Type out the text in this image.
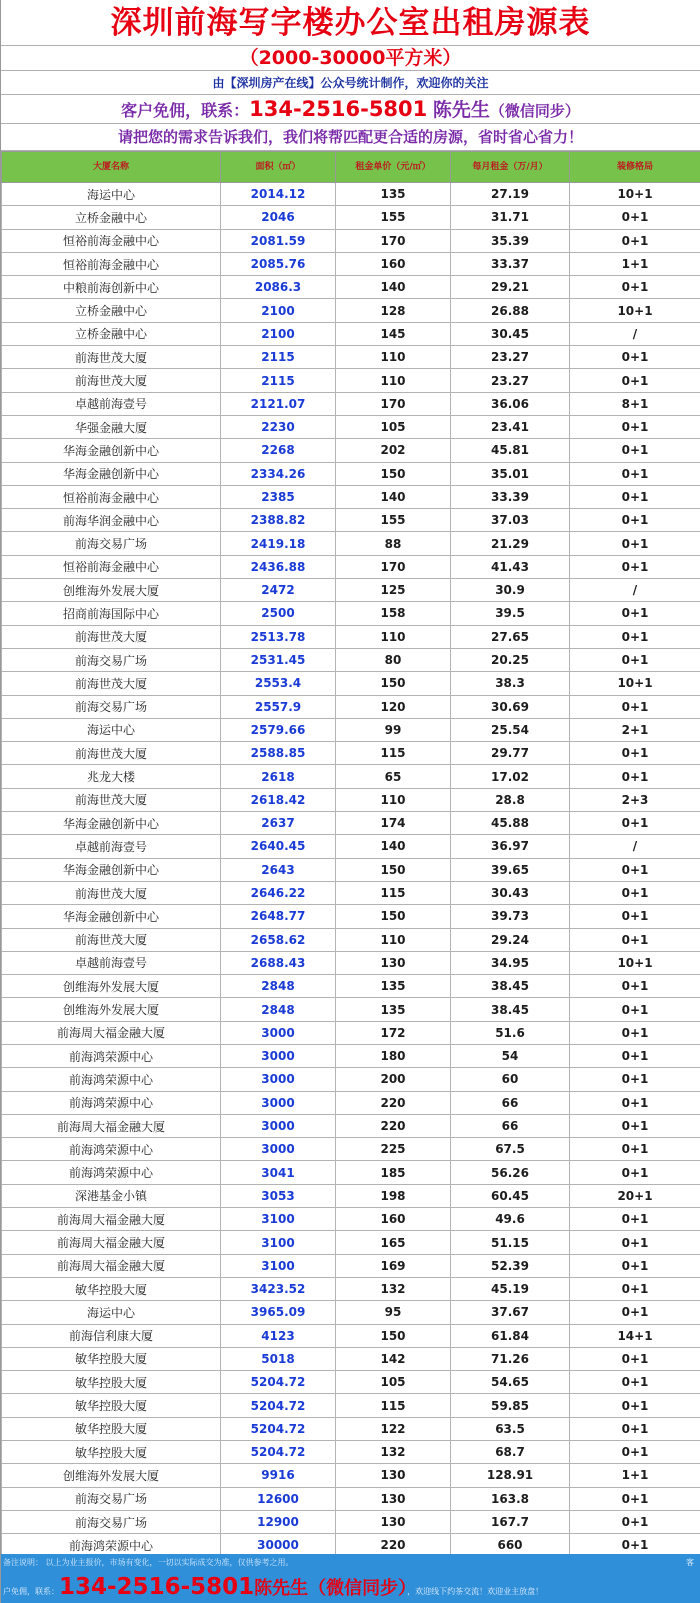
深圳前海写字楼办公室出租房源表
（2000-30000平方米）
由【深圳房产在线】公众号统计制作，欢迎你的关注
客户免佣，联系：134-2516-5801 陈先生（微信同步）
请把您的需求告诉我们，我们将帮匹配更合适的房源，省时省心省力！
大厦名称	面积（㎡）	租金单价（元/㎡）	每月租金（万/月）	装修格局
海运中心	2014.12	135	27.19	10+1
立桥金融中心	2046	155	31.71	0+1
恒裕前海金融中心	2081.59	170	35.39	0+1
恒裕前海金融中心	2085.76	160	33.37	1+1
中粮前海创新中心	2086.3	140	29.21	0+1
立桥金融中心	2100	128	26.88	10+1
立桥金融中心	2100	145	30.45	/
前海世茂大厦	2115	110	23.27	0+1
前海世茂大厦	2115	110	23.27	0+1
卓越前海壹号	2121.07	170	36.06	8+1
华强金融大厦	2230	105	23.41	0+1
华海金融创新中心	2268	202	45.81	0+1
华海金融创新中心	2334.26	150	35.01	0+1
恒裕前海金融中心	2385	140	33.39	0+1
前海华润金融中心	2388.82	155	37.03	0+1
前海交易广场	2419.18	88	21.29	0+1
恒裕前海金融中心	2436.88	170	41.43	0+1
创维海外发展大厦	2472	125	30.9	/
招商前海国际中心	2500	158	39.5	0+1
前海世茂大厦	2513.78	110	27.65	0+1
前海交易广场	2531.45	80	20.25	0+1
前海世茂大厦	2553.4	150	38.3	10+1
前海交易广场	2557.9	120	30.69	0+1
海运中心	2579.66	99	25.54	2+1
前海世茂大厦	2588.85	115	29.77	0+1
兆龙大楼	2618	65	17.02	0+1
前海世茂大厦	2618.42	110	28.8	2+3
华海金融创新中心	2637	174	45.88	0+1
卓越前海壹号	2640.45	140	36.97	/
华海金融创新中心	2643	150	39.65	0+1
前海世茂大厦	2646.22	115	30.43	0+1
华海金融创新中心	2648.77	150	39.73	0+1
前海世茂大厦	2658.62	110	29.24	0+1
卓越前海壹号	2688.43	130	34.95	10+1
创维海外发展大厦	2848	135	38.45	0+1
创维海外发展大厦	2848	135	38.45	0+1
前海周大福金融大厦	3000	172	51.6	0+1
前海鸿荣源中心	3000	180	54	0+1
前海鸿荣源中心	3000	200	60	0+1
前海鸿荣源中心	3000	220	66	0+1
前海周大福金融大厦	3000	220	66	0+1
前海鸿荣源中心	3000	225	67.5	0+1
前海鸿荣源中心	3041	185	56.26	0+1
深港基金小镇	3053	198	60.45	20+1
前海周大福金融大厦	3100	160	49.6	0+1
前海周大福金融大厦	3100	165	51.15	0+1
前海周大福金融大厦	3100	169	52.39	0+1
敏华控股大厦	3423.52	132	45.19	0+1
海运中心	3965.09	95	37.67	0+1
前海信利康大厦	4123	150	61.84	14+1
敏华控股大厦	5018	142	71.26	0+1
敏华控股大厦	5204.72	105	54.65	0+1
敏华控股大厦	5204.72	115	59.85	0+1
敏华控股大厦	5204.72	122	63.5	0+1
敏华控股大厦	5204.72	132	68.7	0+1
创维海外发展大厦	9916	130	128.91	1+1
前海交易广场	12600	130	163.8	0+1
前海交易广场	12900	130	167.7	0+1
前海鸿荣源中心	30000	220	660	0+1
备注说明： 以上为业主报价，市场有变化，一切以实际成交为准，仅供参考之用。	客
户免佣，联系：134-2516-5801陈先生（微信同步），欢迎线下约茶交流！欢迎业主放盘！
